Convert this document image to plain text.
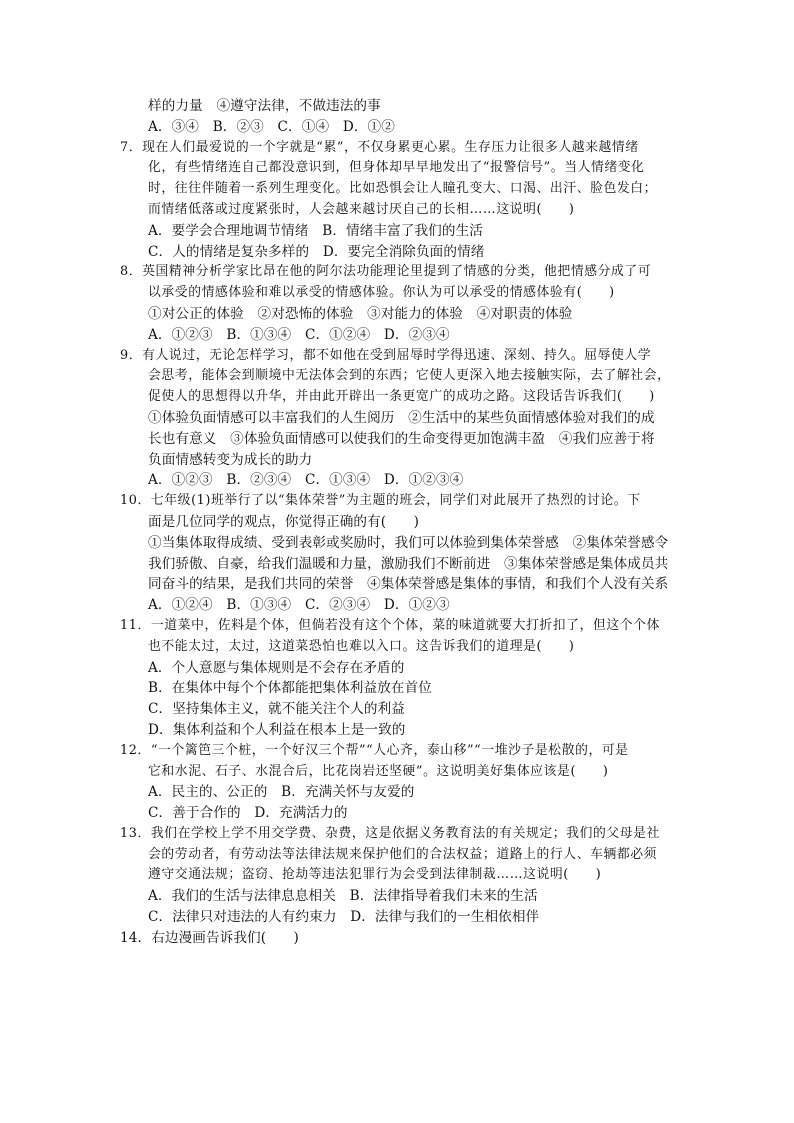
样的力量　④遵守法律，不做违法的事
A．③④　B．②③　C．①④　D．①②
7．现在人们最爱说的一个字就是“累”，不仅身累更心累。生存压力让很多人越来越情绪
化，有些情绪连自己都没意识到，但身体却早早地发出了“报警信号”。当人情绪变化
时，往往伴随着一系列生理变化。比如恐惧会让人瞳孔变大、口渴、出汗、脸色发白；
而情绪低落或过度紧张时，人会越来越讨厌自己的长相……这说明(　　)
A．要学会合理地调节情绪　B．情绪丰富了我们的生活
C．人的情绪是复杂多样的　D．要完全消除负面的情绪
8．英国精神分析学家比昂在他的阿尔法功能理论里提到了情感的分类，他把情感分成了可
以承受的情感体验和难以承受的情感体验。你认为可以承受的情感体验有(　　)
①对公正的体验　②对恐怖的体验　③对能力的体验　④对职责的体验
A．①②③　B．①③④　C．①②④　D．②③④
9．有人说过，无论怎样学习，都不如他在受到屈辱时学得迅速、深刻、持久。屈辱使人学
会思考，能体会到顺境中无法体会到的东西；它使人更深入地去接触实际，去了解社会，
促使人的思想得以升华，并由此开辟出一条更宽广的成功之路。这段话告诉我们(　　)
①体验负面情感可以丰富我们的人生阅历　②生活中的某些负面情感体验对我们的成
长也有意义　③体验负面情感可以使我们的生命变得更加饱满丰盈　④我们应善于将
负面情感转变为成长的助力
A．①②③　B．②③④　C．①③④　D．①②③④
10．七年级(1)班举行了以“集体荣誉”为主题的班会，同学们对此展开了热烈的讨论。下
面是几位同学的观点，你觉得正确的有(　　)
①当集体取得成绩、受到表彰或奖励时，我们可以体验到集体荣誉感　②集体荣誉感令
我们骄傲、自豪，给我们温暖和力量，激励我们不断前进　③集体荣誉感是集体成员共
同奋斗的结果，是我们共同的荣誉　④集体荣誉感是集体的事情，和我们个人没有关系
A．①②④　B．①③④　C．②③④　D．①②③
11．一道菜中，佐料是个体，但倘若没有这个个体，菜的味道就要大打折扣了，但这个个体
也不能太过，太过，这道菜恐怕也难以入口。这告诉我们的道理是(　　)
A．个人意愿与集体规则是不会存在矛盾的
B．在集体中每个个体都能把集体利益放在首位
C．坚持集体主义，就不能关注个人的利益
D．集体利益和个人利益在根本上是一致的
12．“一个篱笆三个桩，一个好汉三个帮”“人心齐，泰山移”“一堆沙子是松散的，可是
它和水泥、石子、水混合后，比花岗岩还坚硬”。这说明美好集体应该是(　　)
A．民主的、公正的　B．充满关怀与友爱的
C．善于合作的　D．充满活力的
13．我们在学校上学不用交学费、杂费，这是依据义务教育法的有关规定；我们的父母是社
会的劳动者，有劳动法等法律法规来保护他们的合法权益；道路上的行人、车辆都必须
遵守交通法规；盗窃、抢劫等违法犯罪行为会受到法律制裁……这说明(　　)
A．我们的生活与法律息息相关　B．法律指导着我们未来的生活
C．法律只对违法的人有约束力　D．法律与我们的一生相依相伴
14．右边漫画告诉我们(　　)
